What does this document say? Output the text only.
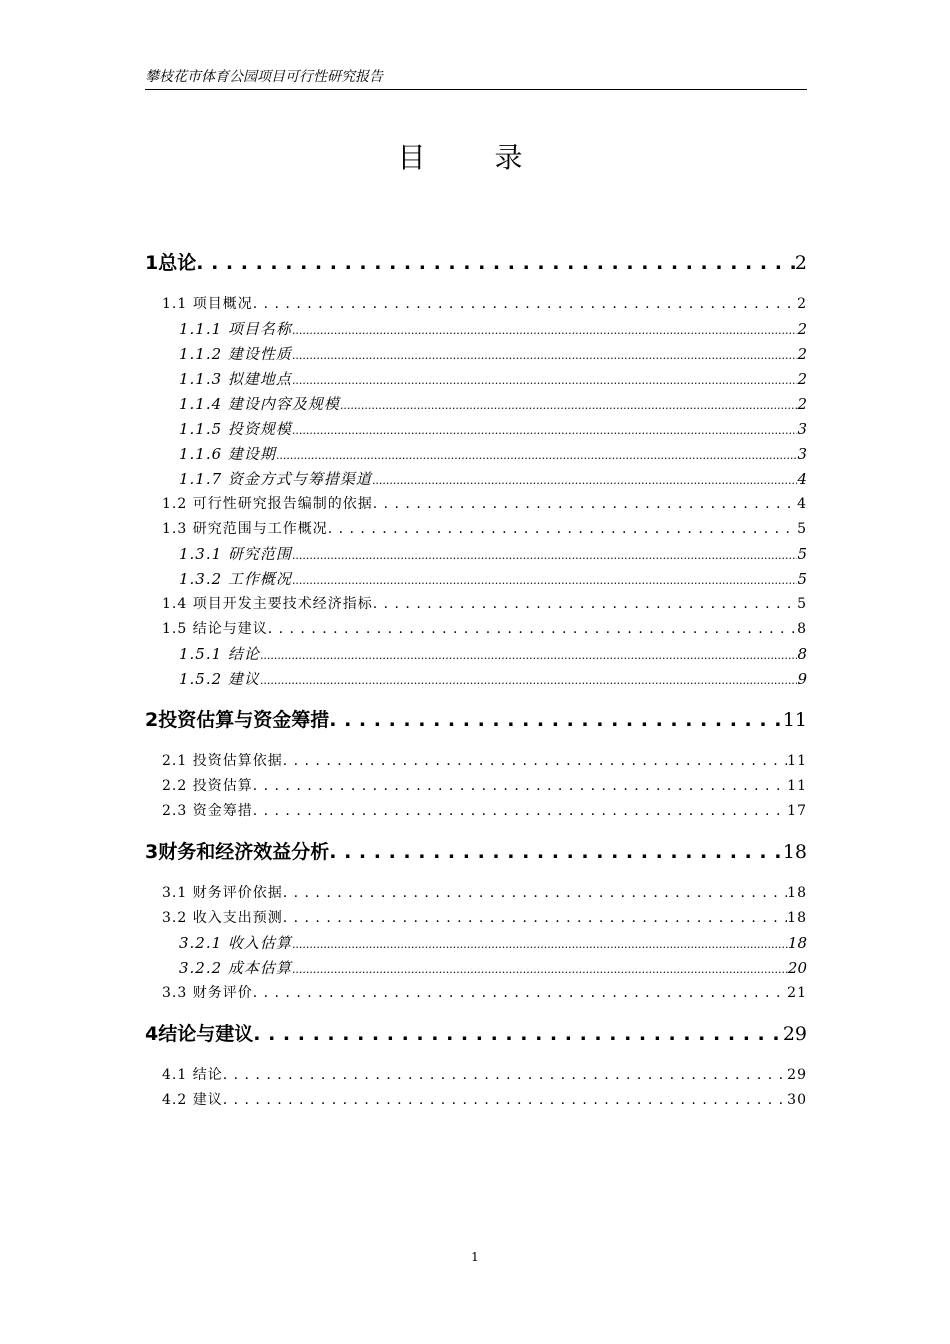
攀枝花市体育公园项目可行性研究报告
目 录
1 总论 . . .	2
1.1 项目概况 . . .	2
1.1.1 项目名称 .....	2
1.1.2 建设性质 .....	2
1.1.3 拟建地点 .....	2
1.1.4 建设内容及规模 .....	2
1.1.5 投资规模 .....	3
1.1.6 建设期 .....	3
1.1.7 资金方式与筹措渠道 .....	4
1.2 可行性研究报告编制的依据 . . .	4
1.3 研究范围与工作概况 . . .	5
1.3.1 研究范围 .....	5
1.3.2 工作概况 .....	5
1.4 项目开发主要技术经济指标 . . .	5
1.5 结论与建议 . . .	8
1.5.1 结论 .....	8
1.5.2 建议 .....	9
2 投资估算与资金筹措 . . .	11
2.1 投资估算依据 . . .	11
2.2 投资估算 . . .	11
2.3 资金筹措 . . .	17
3 财务和经济效益分析 . . .	18
3.1 财务评价依据 . . .	18
3.2 收入支出预测 . . .	18
3.2.1 收入估算 .....	18
3.2.2 成本估算 .....	20
3.3 财务评价 . . .	21
4 结论与建议 . . .	29
4.1 结论 . . .	29
4.2 建议 . . .	30
1
